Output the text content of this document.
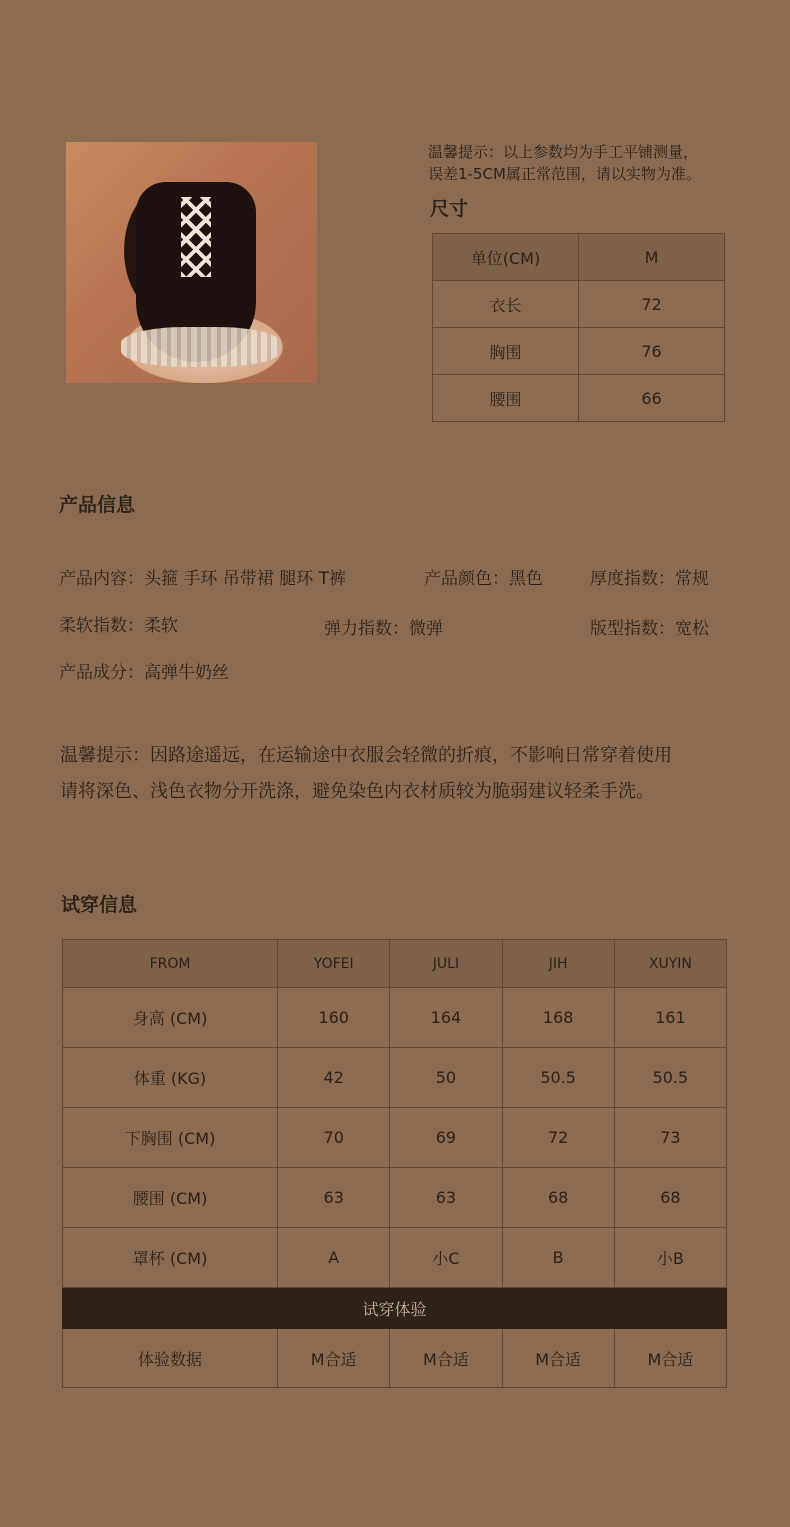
温馨提示：以上参数均为手工平铺测量，
误差1-5CM属正常范围，请以实物为准。
尺寸
单位(CM)	M
衣长	72
胸围	76
腰围	66
产品信息
产品内容：头箍 手环 吊带裙 腿环 T裤	产品颜色：黑色	厚度指数：常规
柔软指数：柔软	弹力指数：微弹	版型指数：宽松
产品成分：高弹牛奶丝
温馨提示：因路途遥远，在运输途中衣服会轻微的折痕，不影响日常穿着使用
请将深色、浅色衣物分开洗涤，避免染色内衣材质较为脆弱建议轻柔手洗。
试穿信息
FROM	YOFEI	JULI	JIH	XUYIN
身高 (CM)	160	164	168	161
体重 (KG)	42	50	50.5	50.5
下胸围 (CM)	70	69	72	73
腰围 (CM)	63	63	68	68
罩杯 (CM)	A	小C	B	小B
试穿体验				
体验数据	M合适	M合适	M合适	M合适
